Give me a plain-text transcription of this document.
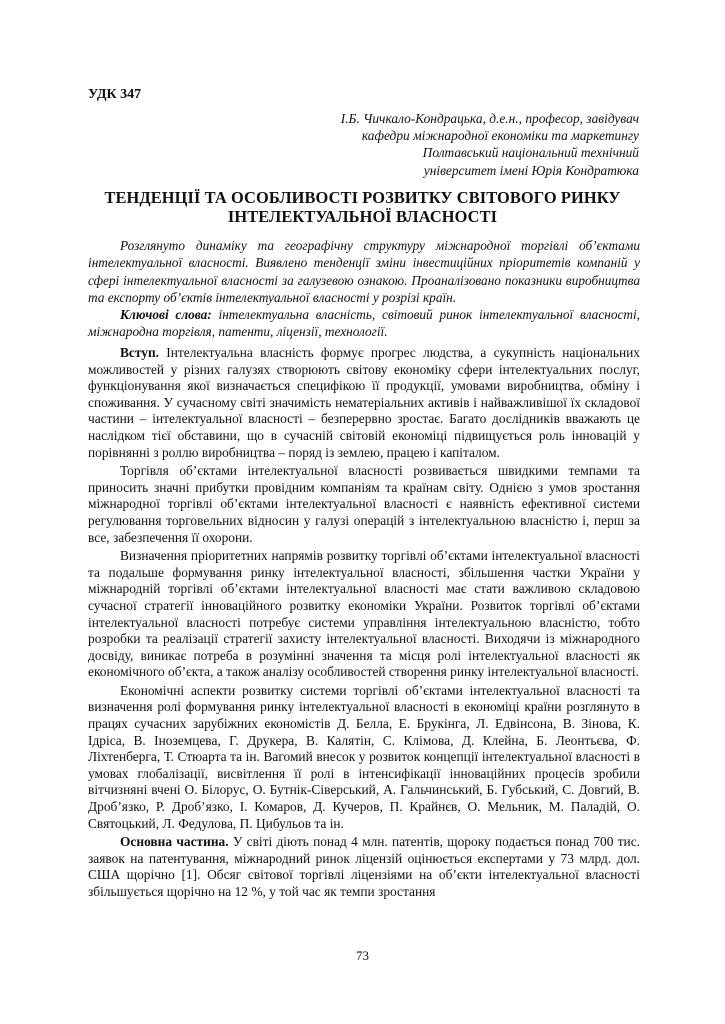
УДК 347
І.Б. Чичкало-Кондрацька, д.е.н., професор, завідувач
кафедри міжнародної економіки та маркетингу
Полтавський національний технічний
університет імені Юрія Кондратюка
ТЕНДЕНЦІЇ ТА ОСОБЛИВОСТІ РОЗВИТКУ СВІТОВОГО РИНКУ
ІНТЕЛЕКТУАЛЬНОЇ ВЛАСНОСТІ

Розглянуто динаміку та географічну структуру міжнародної торгівлі об’єктами інтелектуальної власності. Виявлено тенденції зміни інвестиційних пріоритетів компаній у сфері інтелектуальної власності за галузевою ознакою. Проаналізовано показники виробництва та експорту об’єктів інтелектуальної власності у розрізі країн.

Ключові слова: інтелектуальна власність, світовий ринок інтелектуальної власності, міжнародна торгівля, патенти, ліцензії, технології.

Вступ. Інтелектуальна власність формує прогрес людства, а сукупність національних можливостей у різних галузях створюють світову економіку сфери інтелектуальних послуг, функціонування якої визначається специфікою її продукції, умовами виробництва, обміну і споживання. У сучасному світі значимість нематеріальних активів і найважливішої їх складової частини – інтелектуальної власності – безперервно зростає. Багато дослідників вважають це наслідком тієї обставини, що в сучасній світовій економіці підвищується роль інновацій у порівнянні з роллю виробництва – поряд із землею, працею і капіталом.

Торгівля об’єктами інтелектуальної власності розвивається швидкими темпами та приносить значні прибутки провідним компаніям та країнам світу. Однією з умов зростання міжнародної торгівлі об’єктами інтелектуальної власності є наявність ефективної системи регулювання торговельних відносин у галузі операцій з інтелектуальною власністю і, перш за все, забезпечення її охорони.

Визначення пріоритетних напрямів розвитку торгівлі об’єктами інтелектуальної власності та подальше формування ринку інтелектуальної власності, збільшення частки України у міжнародній торгівлі об’єктами інтелектуальної власності має стати важливою складовою сучасної стратегії інноваційного розвитку економіки України. Розвиток торгівлі об’єктами інтелектуальної власності потребує системи управління інтелектуальною власністю, тобто розробки та реалізації стратегії захисту інтелектуальної власності. Виходячи із міжнародного досвіду, виникає потреба в розумінні значення та місця ролі інтелектуальної власності як економічного об’єкта, а також аналізу особливостей створення ринку інтелектуальної власності.

Економічні аспекти розвитку системи торгівлі об’єктами інтелектуальної власності та визначення ролі формування ринку інтелектуальної власності в економіці країни розглянуто в працях сучасних зарубіжних економістів Д. Белла, Е. Брукінга, Л. Едвінсона, В. Зінова, К. Ідріса, В. Іноземцева, Г. Друкера, В. Калятін, С. Клімова, Д. Клейна, Б. Леонтьєва, Ф. Ліхтенберга, Т. Стюарта та ін. Вагомий внесок у розвиток концепції інтелектуальної власності в умовах глобалізації, висвітлення її ролі в інтенсифікації інноваційних процесів зробили вітчизняні вчені О. Білорус, О. Бутнік-Сіверський, А. Гальчинський, Б. Губський, С. Довгий, В. Дроб’язко, Р. Дроб’язко, І. Комаров, Д. Кучеров, П. Крайнєв, О. Мельник, М. Паладій, О. Святоцький, Л. Федулова, П. Цибульов та ін.

Основна частина. У світі діють понад 4 млн. патентів, щороку подається понад 700 тис. заявок на патентування, міжнародний ринок ліцензій оцінюється експертами у 73 млрд. дол. США щорічно [1]. Обсяг світової торгівлі ліцензіями на об’єкти інтелектуальної власності збільшується щорічно на 12 %, у той час як темпи зростання

73
